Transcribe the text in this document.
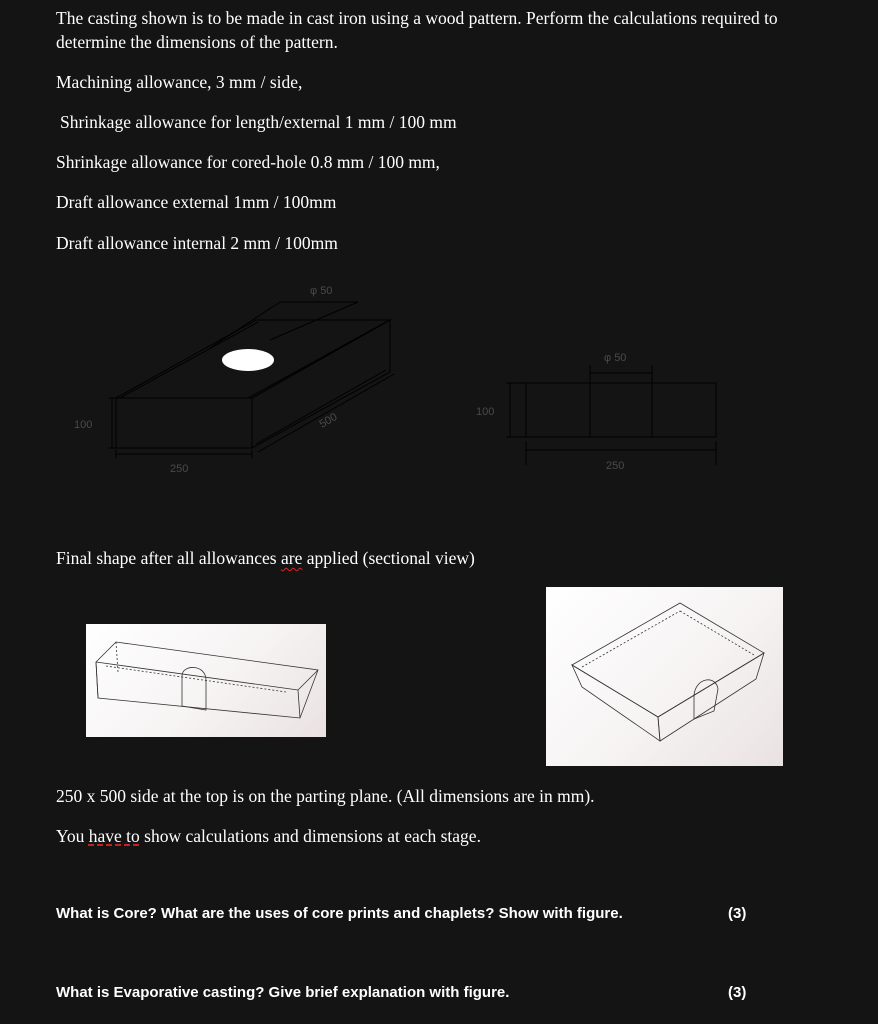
The casting shown is to be made in cast iron using a wood pattern. Perform the calculations required to determine the dimensions of the pattern.
Machining allowance, 3 mm / side,
Shrinkage allowance for length/external 1 mm / 100 mm
Shrinkage allowance for cored-hole 0.8 mm / 100 mm,
Draft allowance external 1mm / 100mm
Draft allowance internal 2 mm / 100mm
φ 50
100
250
500
φ 50
100
250
Final shape after all allowances are applied (sectional view)
250 x 500 side at the top is on the parting plane. (All dimensions are in mm).
You have to show calculations and dimensions at each stage.
What is Core? What are the uses of core prints and chaplets? Show with figure.	(3)
What is Evaporative casting? Give brief explanation with figure.	(3)
